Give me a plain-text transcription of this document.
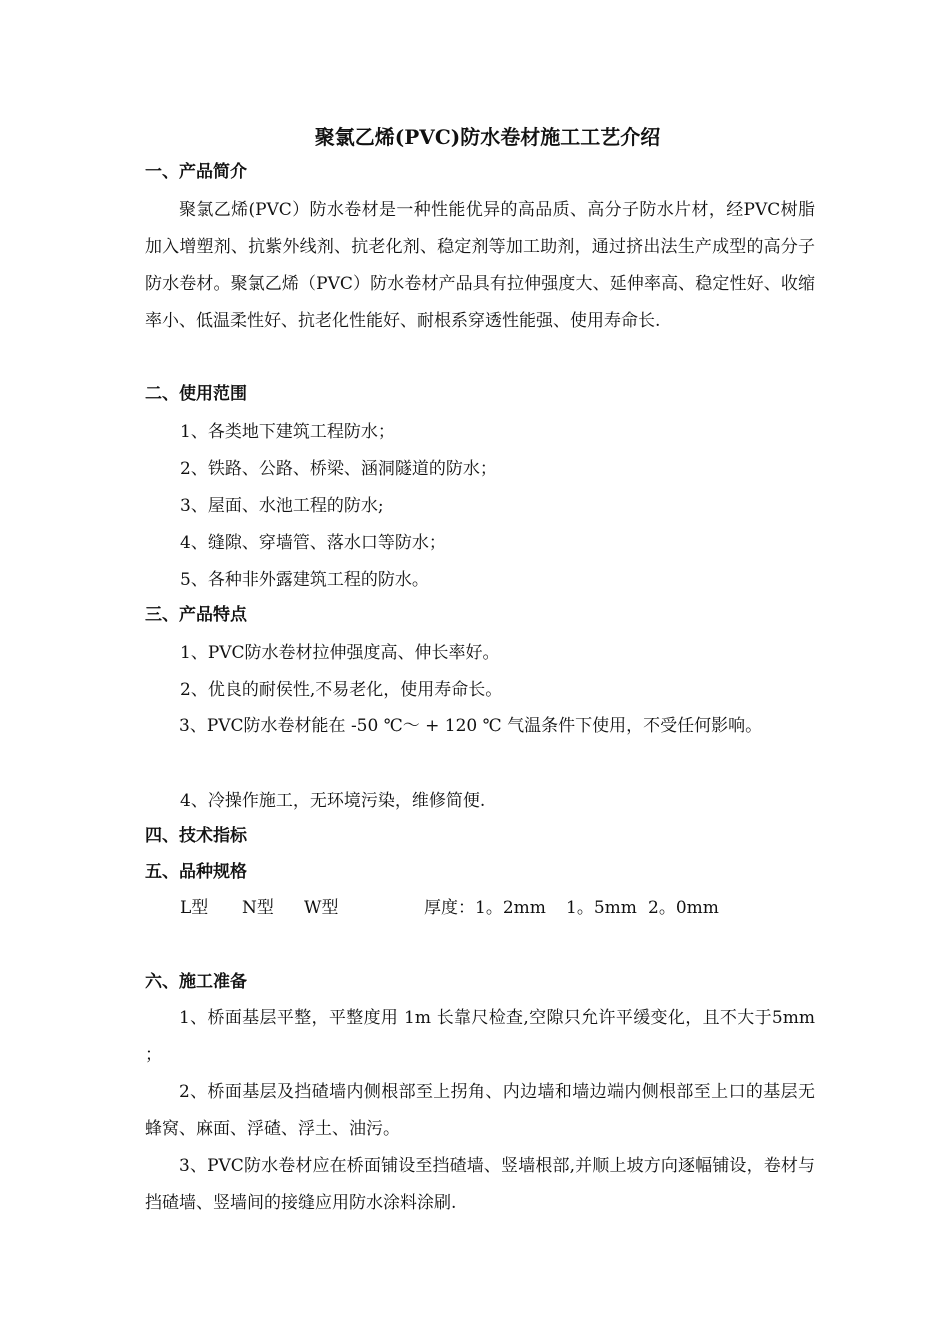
聚氯乙烯(PVC)防水卷材施工工艺介绍
一、产品简介

聚氯乙烯(PVC）防水卷材是一种性能优异的高品质、高分子防水片材，经PVC树脂加入增塑剂、抗紫外线剂、抗老化剂、稳定剂等加工助剂，通过挤出法生产成型的高分子防水卷材。聚氯乙烯（PVC）防水卷材产品具有拉伸强度大、延伸率高、稳定性好、收缩率小、低温柔性好、抗老化性能好、耐根系穿透性能强、使用寿命长.

二、使用范围
1、各类地下建筑工程防水；
2、铁路、公路、桥梁、涵洞隧道的防水；
3、屋面、水池工程的防水;
4、缝隙、穿墙管、落水口等防水；
5、各种非外露建筑工程的防水。
三、产品特点
1、PVC防水卷材拉伸强度高、伸长率好。
2、优良的耐侯性,不易老化，使用寿命长。

3、PVC防水卷材能在 -50 ℃～ + 120 ℃ 气温条件下使用，不受任何影响。

4、冷操作施工，无环境污染，维修简便.
四、技术指标
五、品种规格
L型 N型 W型	厚度：1。2mm 1。5mm 2。0mm
六、施工准备

1、桥面基层平整，平整度用 1m 长靠尺检查,空隙只允许平缓变化，且不大于5mm ；

2、桥面基层及挡碴墙内侧根部至上拐角、内边墙和墙边端内侧根部至上口的基层无蜂窝、麻面、浮碴、浮土、油污。

3、PVC防水卷材应在桥面铺设至挡碴墙、竖墙根部,并顺上坡方向逐幅铺设，卷材与挡碴墙、竖墙间的接缝应用防水涂料涂刷.
